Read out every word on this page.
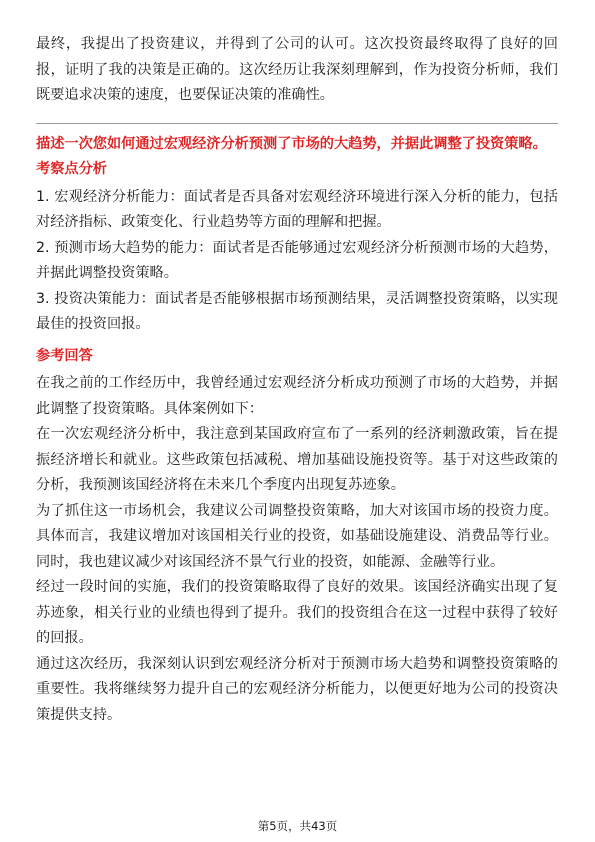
最终，我提出了投资建议，并得到了公司的认可。这次投资最终取得了良好的回报，证明了我的决策是正确的。这次经历让我深刻理解到，作为投资分析师，我们既要追求决策的速度，也要保证决策的准确性。

描述一次您如何通过宏观经济分析预测了市场的大趋势，并据此调整了投资策略。

考察点分析

1. 宏观经济分析能力：面试者是否具备对宏观经济环境进行深入分析的能力，包括对经济指标、政策变化、行业趋势等方面的理解和把握。

2. 预测市场大趋势的能力：面试者是否能够通过宏观经济分析预测市场的大趋势，并据此调整投资策略。

3. 投资决策能力：面试者是否能够根据市场预测结果，灵活调整投资策略，以实现最佳的投资回报。

参考回答

在我之前的工作经历中，我曾经通过宏观经济分析成功预测了市场的大趋势，并据此调整了投资策略。具体案例如下：

在一次宏观经济分析中，我注意到某国政府宣布了一系列的经济刺激政策，旨在提振经济增长和就业。这些政策包括减税、增加基础设施投资等。基于对这些政策的分析，我预测该国经济将在未来几个季度内出现复苏迹象。

为了抓住这一市场机会，我建议公司调整投资策略，加大对该国市场的投资力度。具体而言，我建议增加对该国相关行业的投资，如基础设施建设、消费品等行业。同时，我也建议减少对该国经济不景气行业的投资，如能源、金融等行业。

经过一段时间的实施，我们的投资策略取得了良好的效果。该国经济确实出现了复苏迹象，相关行业的业绩也得到了提升。我们的投资组合在这一过程中获得了较好的回报。

通过这次经历，我深刻认识到宏观经济分析对于预测市场大趋势和调整投资策略的重要性。我将继续努力提升自己的宏观经济分析能力，以便更好地为公司的投资决策提供支持。

第5页，共43页
